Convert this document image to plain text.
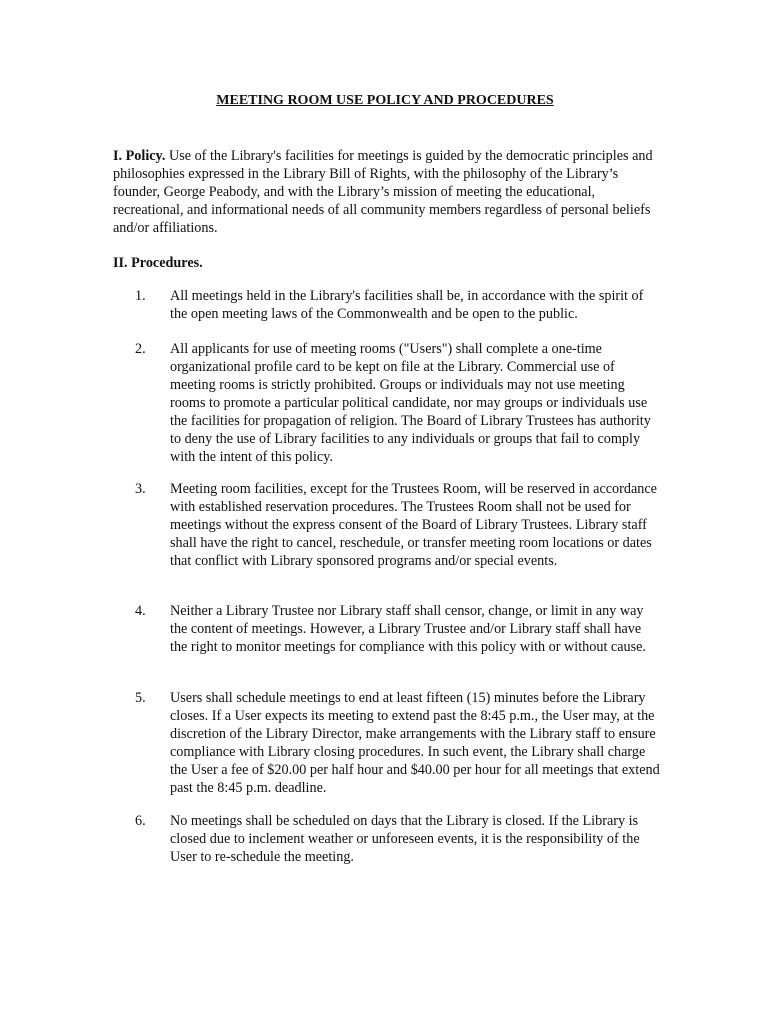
MEETING ROOM USE POLICY AND PROCEDURES
I. Policy. Use of the Library's facilities for meetings is guided by the democratic principles and philosophies expressed in the Library Bill of Rights, with the philosophy of the Library’s founder, George Peabody, and with the Library’s mission of meeting the educational, recreational, and informational needs of all community members regardless of personal beliefs and/or affiliations.
II. Procedures.
1.	All meetings held in the Library's facilities shall be, in accordance with the spirit of the open meeting laws of the Commonwealth and be open to the public.
2.	All applicants for use of meeting rooms ("Users") shall complete a one-time organizational profile card to be kept on file at the Library. Commercial use of meeting rooms is strictly prohibited. Groups or individuals may not use meeting rooms to promote a particular political candidate, nor may groups or individuals use the facilities for propagation of religion. The Board of Library Trustees has authority to deny the use of Library facilities to any individuals or groups that fail to comply with the intent of this policy.
3.	Meeting room facilities, except for the Trustees Room, will be reserved in accordance with established reservation procedures. The Trustees Room shall not be used for meetings without the express consent of the Board of Library Trustees. Library staff shall have the right to cancel, reschedule, or transfer meeting room locations or dates that conflict with Library sponsored programs and/or special events.
4.	Neither a Library Trustee nor Library staff shall censor, change, or limit in any way the content of meetings. However, a Library Trustee and/or Library staff shall have the right to monitor meetings for compliance with this policy with or without cause.
5.	Users shall schedule meetings to end at least fifteen (15) minutes before the Library closes. If a User expects its meeting to extend past the 8:45 p.m., the User may, at the discretion of the Library Director, make arrangements with the Library staff to ensure compliance with Library closing procedures. In such event, the Library shall charge the User a fee of $20.00 per half hour and $40.00 per hour for all meetings that extend past the 8:45 p.m. deadline.
6.	No meetings shall be scheduled on days that the Library is closed. If the Library is closed due to inclement weather or unforeseen events, it is the responsibility of the User to re-schedule the meeting.
